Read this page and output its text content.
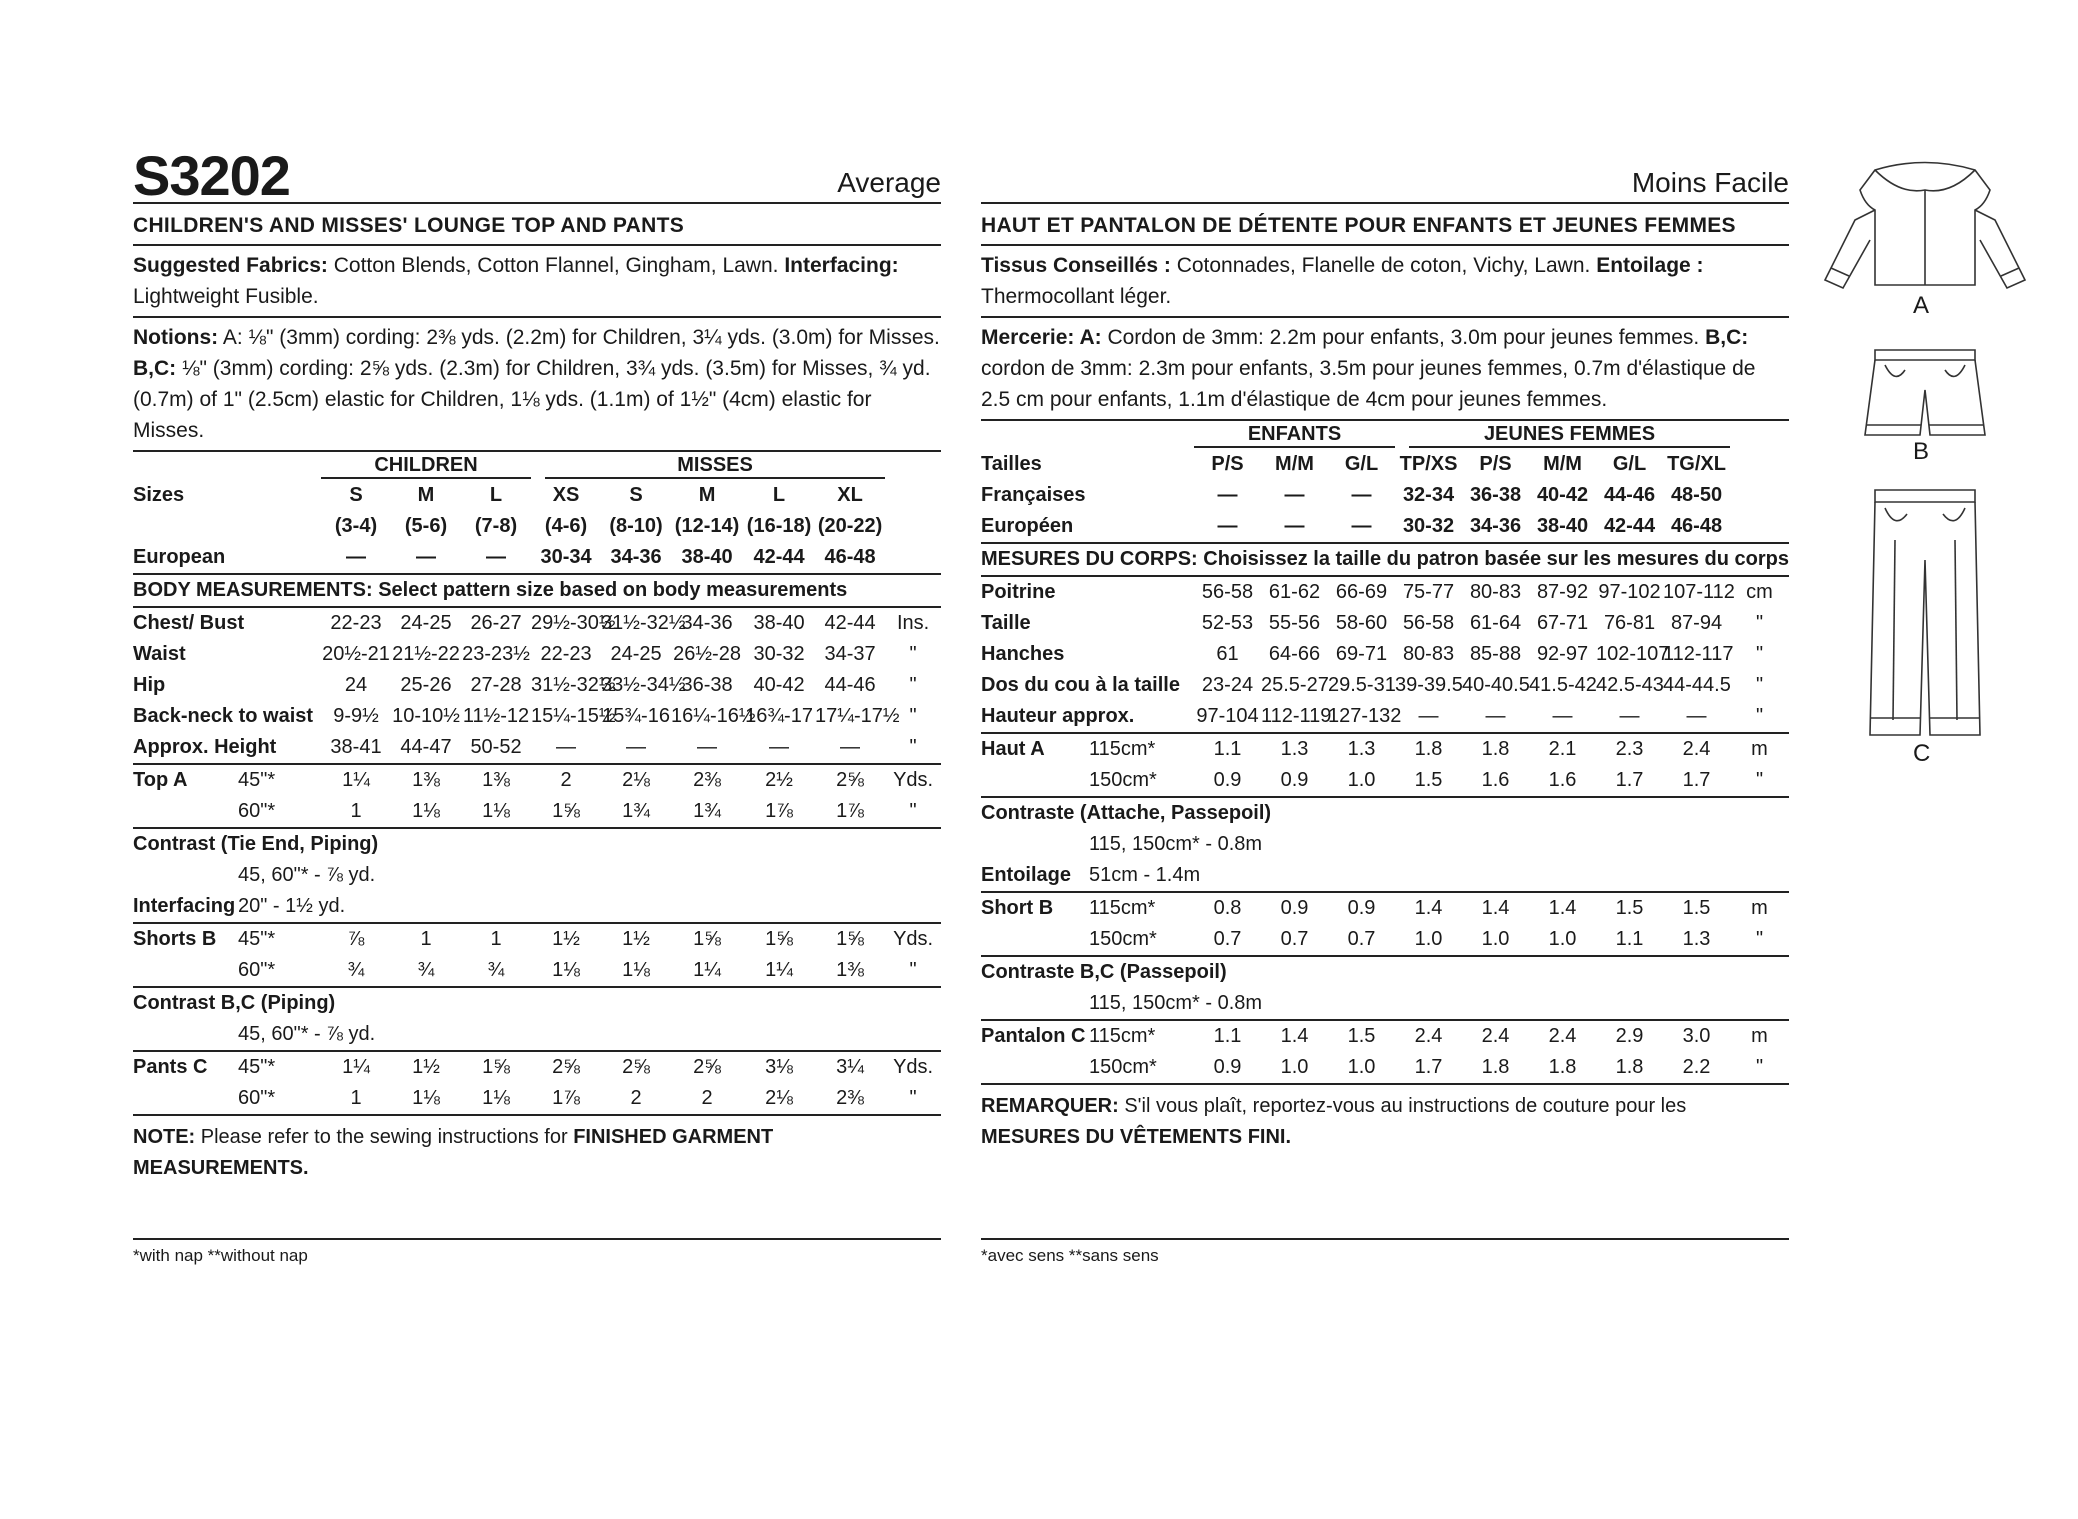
S3202	Average
CHILDREN'S AND MISSES' LOUNGE TOP AND PANTS
Suggested Fabrics: Cotton Blends, Cotton Flannel, Gingham, Lawn. Interfacing: Lightweight Fusible.
Notions: A: ⅛" (3mm) cording: 2⅜ yds. (2.2m) for Children, 3¼ yds. (3.0m) for Misses. B,C: ⅛" (3mm) cording: 2⅝ yds. (2.3m) for Children, 3¾ yds. (3.5m) for Misses, ¾ yd. (0.7m) of 1" (2.5cm) elastic for Children, 1⅛ yds. (1.1m) of 1½" (4cm) elastic for Misses.
		CHILDREN			MISSES					
Sizes		S	M	L	XS	S	M	L	XL	
		(3-4)	(5-6)	(7-8)	(4-6)	(8-10)	(12-14)	(16-18)	(20-22)	
European		—	—	—	30-34	34-36	38-40	42-44	46-48	
BODY MEASUREMENTS: Select pattern size based on body measurements										
Chest/ Bust		22-23	24-25	26-27	29½-30½	31½-32½	34-36	38-40	42-44	Ins.
Waist		20½-21	21½-22	23-23½	22-23	24-25	26½-28	30-32	34-37	"
Hip		24	25-26	27-28	31½-32½	33½-34½	36-38	40-42	44-46	"
Back-neck to waist		9-9½	10-10½	11½-12	15¼-15½	15¾-16	16¼-16½	16¾-17	17¼-17½	"
Approx. Height		38-41	44-47	50-52	—	—	—	—	—	"
Top A	45"*	1¼	1⅜	1⅜	2	2⅛	2⅜	2½	2⅝	Yds.
	60"*	1	1⅛	1⅛	1⅝	1¾	1¾	1⅞	1⅞	"
Contrast (Tie End, Piping)										
	45, 60"* - ⅞ yd.									
Interfacing	20" - 1½ yd.									
Shorts B	45"*	⅞	1	1	1½	1½	1⅝	1⅝	1⅝	Yds.
	60"*	¾	¾	¾	1⅛	1⅛	1¼	1¼	1⅜	"
Contrast B,C (Piping)										
	45, 60"* - ⅞ yd.									
Pants C	45"*	1¼	1½	1⅝	2⅝	2⅝	2⅝	3⅛	3¼	Yds.
	60"*	1	1⅛	1⅛	1⅞	2	2	2⅛	2⅜	"
NOTE: Please refer to the sewing instructions for FINISHED GARMENT MEASUREMENTS.
Moins Facile
HAUT ET PANTALON DE DÉTENTE POUR ENFANTS ET JEUNES FEMMES
Tissus Conseillés : Cotonnades, Flanelle de coton, Vichy, Lawn. Entoilage : Thermocollant léger.
Mercerie: A: Cordon de 3mm: 2.2m pour enfants, 3.0m pour jeunes femmes. B,C: cordon de 3mm: 2.3m pour enfants, 3.5m pour jeunes femmes, 0.7m d'élastique de 2.5 cm pour enfants, 1.1m d'élastique de 4cm pour jeunes femmes.
		ENFANTS			JEUNES FEMMES					
Tailles		P/S	M/M	G/L	TP/XS	P/S	M/M	G/L	TG/XL	
Françaises		—	—	—	32-34	36-38	40-42	44-46	48-50	
Européen		—	—	—	30-32	34-36	38-40	42-44	46-48	
MESURES DU CORPS: Choisissez la taille du patron basée sur les mesures du corps										
Poitrine		56-58	61-62	66-69	75-77	80-83	87-92	97-102	107-112	cm
Taille		52-53	55-56	58-60	56-58	61-64	67-71	76-81	87-94	"
Hanches		61	64-66	69-71	80-83	85-88	92-97	102-107	112-117	"
Dos du cou à la taille		23-24	25.5-27	29.5-31	39-39.5	40-40.5	41.5-42	42.5-43	44-44.5	"
Hauteur approx.		97-104	112-119	127-132	—	—	—	—	—	"
Haut A	115cm*	1.1	1.3	1.3	1.8	1.8	2.1	2.3	2.4	m
	150cm*	0.9	0.9	1.0	1.5	1.6	1.6	1.7	1.7	"
Contraste (Attache, Passepoil)										
	115, 150cm* - 0.8m									
Entoilage	51cm - 1.4m									
Short B	115cm*	0.8	0.9	0.9	1.4	1.4	1.4	1.5	1.5	m
	150cm*	0.7	0.7	0.7	1.0	1.0	1.0	1.1	1.3	"
Contraste B,C (Passepoil)										
	115, 150cm* - 0.8m									
Pantalon C	115cm*	1.1	1.4	1.5	2.4	2.4	2.4	2.9	3.0	m
	150cm*	0.9	1.0	1.0	1.7	1.8	1.8	1.8	2.2	"
REMARQUER: S'il vous plaît, reportez-vous au instructions de couture pour les MESURES DU VÊTEMENTS FINI.
*with nap **without nap	*avec sens **sans sens
A
B
C
